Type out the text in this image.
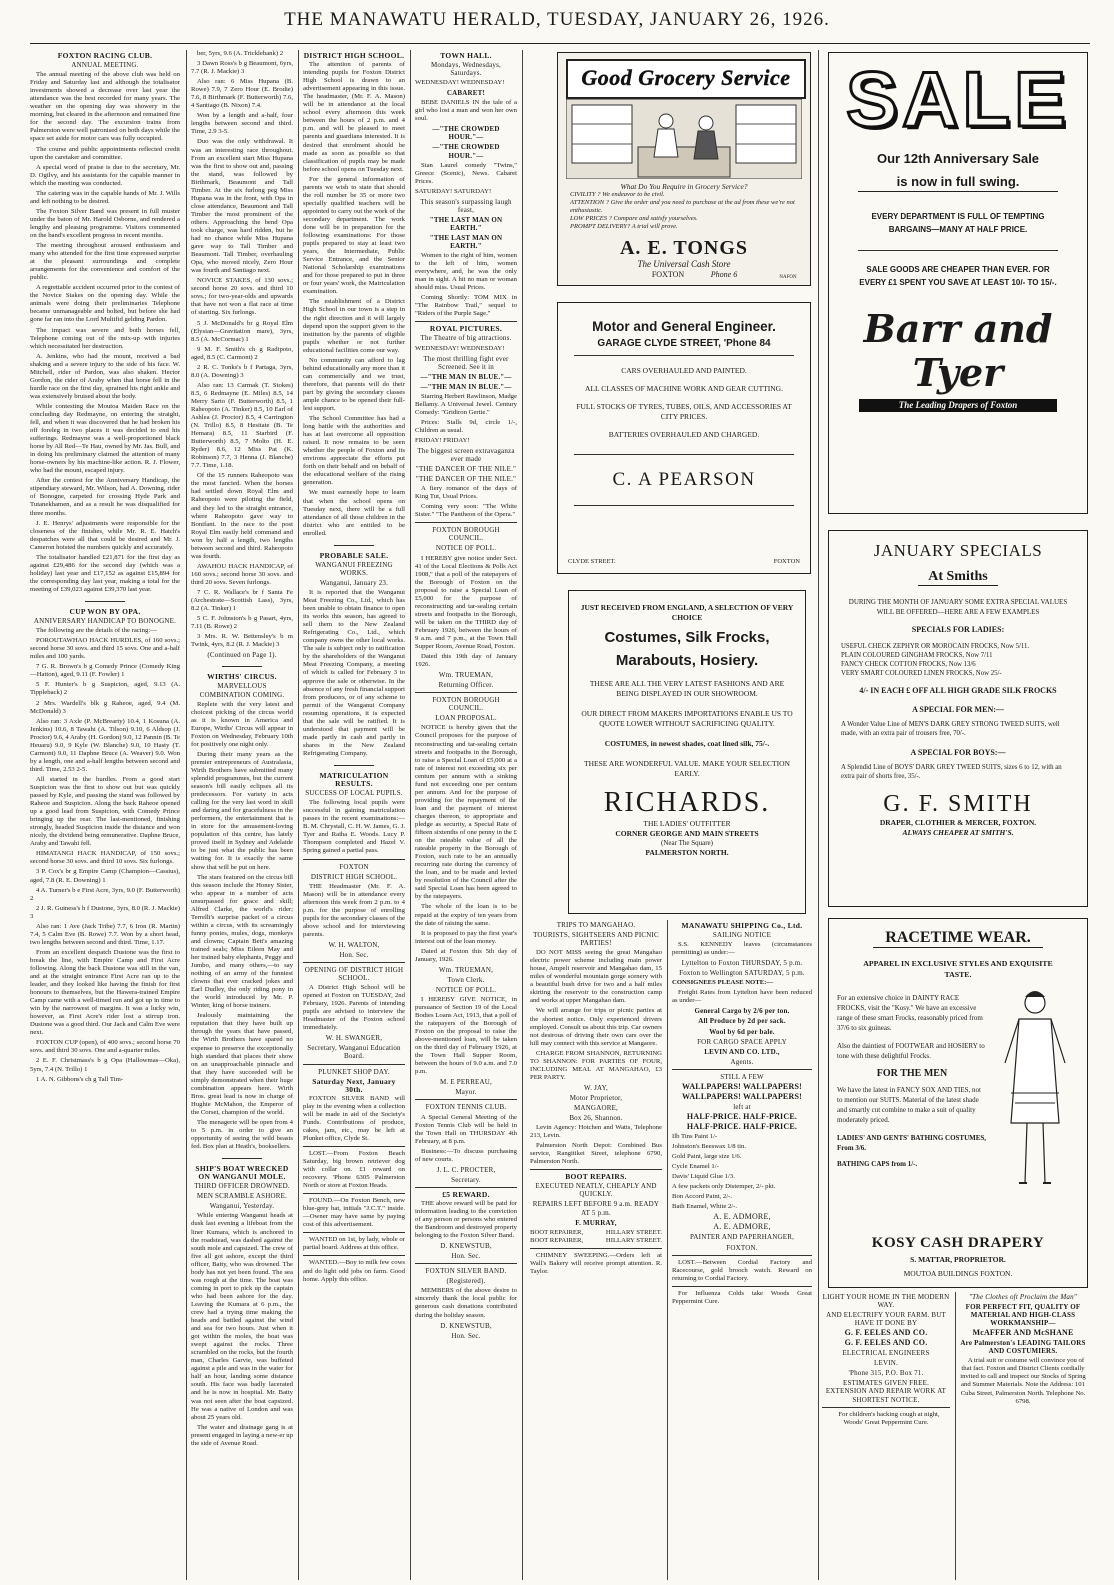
THE MANAWATU HERALD, TUESDAY, JANUARY 26, 1926.
FOXTON RACING CLUB.
ANNUAL MEETING.

The annual meeting of the above club was held on Friday and Saturday last and although the totalisator investments showed a decrease over last year the attendance was the best recorded for many years. The weather on the opening day was showery in the morning, but cleared in the afternoon and remained fine for the second day. The excursion trains from Palmerston were well patronised on both days while the space set aside for motor cars was fully occupied.

The course and public appointments reflected credit upon the caretaker and committee.

A special word of praise is due to the secretary, Mr. D. Ogilvy, and his assistants for the capable manner in which the meeting was conducted.

The catering was in the capable hands of Mr. J. Wills and left nothing to be desired.

The Foxton Silver Band was present in full muster under the baton of Mr. Harold Osborne, and rendered a lengthy and pleasing programme. Visitors commented on the band's excellent progress in recent months.

The meeting throughout aroused enthusiasm and many who attended for the first time expressed surprise at the pleasant surroundings and complete arrangements for the convenience and comfort of the public.

A regrettable accident occurred prior to the contest of the Novice Stakes on the opening day. While the animals were doing their preliminaries Telephone became unmanageable and bolted, but before she had gone far ran into the Lord Multifid gelding Pardon.

The impact was severe and both horses fell, Telephone coming out of the mix-up with injuries which necessitated her destruction.

A. Jenkins, who had the mount, received a bad shaking and a severe injury to the side of his face. W. Mitchell, rider of Pardon, was also shaken. Hector Gordon, the rider of Araby when that horse fell in the hurdle race on the first day, sprained his right ankle and was extensively bruised about the body.

While contesting the Moutoa Maiden Race on the concluding day Redmayne, on entering the straight, fell, and when it was discovered that he had broken his off foreleg in two places it was decided to end his sufferings. Redmayne was a well-proportioned black horse by All Red—Te Hau, owned by Mr. Jas. Bull, and in doing his preliminary claimed the attention of many horse-owners by his machine-like action. R. J. Flower, who had the mount, escaped injury.

After the contest for the Anniversary Handicap, the stipendiary steward, Mr. Wilson, had A. Downing, rider of Bonogne, carpeted for crossing Hyde Park and Tutanekhamen, and as a result he was disqualified for three months.

J. E. Henrys' adjustments were responsible for the closeness of the finishes, while Mr. R. E. Hatch's despatches were all that could be desired and Mr. J. Cameron hoisted the numbers quickly and accurately.

The totalisator handled £21,871 for the first day as against £29,486 for the second day (which was a holiday) last year and £17,152 as against £15,894 for the corresponding day last year, making a total for the meeting of £39,023 against £39,370 last year.

CUP WON BY OPA.
ANNIVERSARY HANDICAP TO BONOGNE.

The following are the details of the racing:—

POROUTAWHAO HACK HURDLES, of 160 sovs.; second horse 30 sovs. and third 15 sovs. One and a-half miles and 100 yards.

7 G. R. Brown's b g Comedy Prince (Comedy King—Hatton), aged, 9.11 (F. Fowler) 1

5 F. Hunter's b g Suspicion, aged, 9.13 (A. Tippleback) 2

2 Mrs. Wardell's blk g Raheoe, aged, 9.4 (M. McDonald) 3

Also ran: 3 Axle (P. McBrearty) 10.4, 1 Kosuna (A. Jenkins) 10.6, 8 Tawahi (A. Tilson) 9.10, 6 Aldsop (J. Proctor) 9.6, 4 Araby (H. Gordon) 9.0, 12 Pannin (B. Te Heuaru) 9.0, 9 Kyle (W. Blanche) 9.0, 10 Hasty (T. Carmont) 9.0, 11 Daphne Bruce (A. Weaver) 9.0. Won by a length, one and a-half lengths between second and third. Time, 2.53 2-5.

All started in the hurdles. From a good start Suspicion was the first to show out but was quickly passed by Kyle, and passing the stand was followed by Raheoe and Suspicion. Along the back Raheoe opened up a good lead from Suspicion, with Comedy Prince bringing up the rear. The last-mentioned, finishing strongly, headed Suspicion inside the distance and won nicely, the dividend being remunerative. Daphne Bruce, Araby and Tawahi fell.

HIMATANGI HACK HANDICAP, of 150 sovs.; second horse 30 sovs. and third 10 sovs. Six furlongs.

3 P. Cox's br g Empire Camp (Champion—Cassius), aged, 7.8 (R. E. Downing) 1

4 A. Turner's b e First Acre, 3yrs, 9.0 (F. Butterworth) 2

2 J. R. Guiness's h f Dustone, 3yrs, 8.0 (R. J. Mackie) 3

Also ran: 1 Ave (Jack Tribe) 7.7, 6 Iron (R. Martin) 7.4, 5 Calm Eve (B. Rowe) 7.7. Won by a short head, two lengths between second and third. Time, 1.17.

From an excellent despatch Dustone was the first to break the line, with Empire Camp and First Acre following. Along the back Dustone was still in the van, and at the straight entrance First Acre ran up to the leader, and they looked like having the finish for first honours to themselves, but the Hawera-trained Empire Camp came with a well-timed run and got up in time to win by the narrowest of margins. It was a lucky win, however, as First Acre's rider lost a stirrup iron. Dustone was a good third. Our Jack and Calm Eve were next.

FOXTON CUP (open), of 400 sovs.; second horse 70 sovs. and third 30 sovs. One and a-quarter miles.

2 E. F. Christmass's b g Opa (Hallowmas—Oka), 5yrs, 7.4 (N. Trillo) 1

1 A. N. Gibbons's ch g Tall Tim-

ber, 5yrs, 9.6 (A. Tricklebank) 2

3 Dawn Ross's b g Beaumont, 6yrs, 7.7 (R. J. Mackie) 3

Also ran: 6 Miss Hupana (B. Rowe) 7.9, 7 Zero Hour (E. Brodie) 7.6, 8 Birthmark (F. Butterworth) 7.6, 4 Santiago (B. Nixon) 7.4.

Won by a length and a-half, four lengths between second and third. Time, 2.9 3-5.

Duo was the only withdrawal. It was an interesting race throughout. From an excellent start Miss Hupana was the first to show out and, passing the stand, was followed by Birthmark, Beaumont and Tall Timber. At the six furlong peg Miss Hupana was in the front, with Opa in close attendance, Beaumont and Tall Timber the most prominent of the others. Approaching the bend Opa took charge, was hard ridden, but he had no chance while Miss Hupana gave way to Tall Timber and Beaumont. Tall Timber, overhauling Opa, who moved nicely, Zero Hour was fourth and Santiago next.

NOVICE STAKES, of 130 sovs.; second horse 20 sovs. and third 10 sovs.; for two-year-olds and upwards that have not won a flat race at time of starting. Six furlongs.

5 J. McDonald's br g Royal Elm (Elysian—Gravitation mare), 3yrs, 8.5 (A. McCormac) 1

9 M. F. Smith's ch g Radipoto, aged, 8.5 (C. Carmont) 2

2 R. C. Tonks's b f Partaga, 3yrs, 8.0 (A. Downing) 3

Also ran: 13 Carmak (T. Stokes) 8.5, 6 Redmayne (E. Miles) 8.5, 14 Merry Sarto (F. Butterworth) 8.5, 1 Raheopoto (A. Tinker) 8.5, 10 Earl of Ashlea (J. Proctor) 8.5, 4 Carrington (N. Trillo) 8.5, 8 Hesitate (B. Te Hemara) 8.5, 11 Starbird (F. Butterworth) 8.5, 7 Molto (H. E. Ryder) 8.6, 12 Miss Pat (K. Robinson) 7.7, 3 Henna (J. Blanche) 7.7. Time, 1.18.

Of the 15 runners Raheopoto was the most fancied. When the horses had settled down Royal Elm and Raheopoto were piloting the field, and they led to the straight entrance, where Raheopoto gave way to Bonifant. In the race to the post Royal Elm easily held command and won by half a length, two lengths between second and third. Raheopoto was fourth.

AWAHOU HACK HANDICAP, of 160 sovs.; second horse 30 sovs. and third 20 sovs. Seven furlongs.

7 C. R. Wallace's br f Santa Fe (Archestrate—Scottish Lass), 3yrs, 8.2 (A. Tinker) 1

5 C. F. Johnston's b g Pasart, 4yrs, 7.11 (B. Rowe) 2

3 Mrs. R. W. Bettensley's b m Twink, 4yrs, 8.2 (R. J. Mackie) 3

(Continued on Page 1).
WIRTHS' CIRCUS.
MARVELLOUS COMBINATION COMING.

Replete with the very latest and choicest picking of the circus world as it is known in America and Europe, Wirths' Circus will appear in Foxton on Wednesday, February 10th for positively one night only.

During their many years as the premier entrepreneurs of Australasia, Wirth Brothers have submitted many splendid programmes, but the current season's bill easily eclipses all its predecessors. For variety in acts calling for the very last word in skill and daring and for gracefulness in the performers, the entertainment that is in store for the amusement-loving population of this centre, has lately proved itself in Sydney and Adelaide to be just what the public has been waiting for. It is exactly the same show that will be put on here.

The stars featured on the circus bill this season include the Honey Sister, who appear in a number of acts unsurpassed for grace and skill; Alfred Clarke, the world's rider; Terrelli's surprise packet of a circus within a circus, with its screamingly funny ponies, mules, dogs, monkeys and clowns; Captain Bett's amazing trained seals; Miss Eileen May and her trained baby elephants, Peggy and Jumbo, and many others,—to say nothing of an army of the funniest clowns that ever cracked jokes and Earl Dudley, the only riding pony in the world introduced by Mr. P. Winter, king of horse trainers.

Jealously maintaining the reputation that they have built up through the years that have passed, the Wirth Brothers have spared no expense to preserve the exceptionally high standard that places their show on an unapproachable pinnacle and that they have succeeded will be simply demonstrated when their huge combination appears here. Wirth Bros. great lead is now in charge of Hughie McMahon, the Emperor of the Corset, champion of the world.

The menagerie will be open from 4 to 5 p.m. in order to give an opportunity of seeing the wild beasts fed. Box plan at Heath's, booksellers.

SHIP'S BOAT WRECKED ON WANGANUI MOLE.
THIRD OFFICER DROWNED.
MEN SCRAMBLE ASHORE.
Wanganui, Yesterday.

While entering Wanganui heads at dusk last evening a lifeboat from the liner Kumara, which is anchored in the roadstead, was dashed against the south mole and capsized. The crew of five all got ashore, except the third officer, Batty, who was drowned. The body has not yet been found. The sea was rough at the time. The boat was coming in port to pick up the captain who had been ashore for the day. Leaving the Kumara at 6 p.m., the crew had a trying time making the heads and battled against the wind and sea for two hours. Just when it got within the moles, the boat was swept against the rocks. Three scrambled on the rocks, but the fourth man, Charles Garvie, was buffeted against a pile and was in the water for half an hour, landing some distance south. His face was badly lacerated and he is now in hospital. Mr. Batty was not seen after the boat capsized. He was a native of London and was about 25 years old.

The water and drainage gang is at present engaged in laying a new-er up the side of Avenue Road.

DISTRICT HIGH SCHOOL.

The attention of parents of intending pupils for Foxton District High School is drawn to an advertisement appearing in this issue. The headmaster, (Mr. F. A. Mason) will be in attendance at the local school every afternoon this week between the hours of 2 p.m. and 4 p.m. and will be pleased to meet parents and guardians interested. It is desired that enrolment should be made as soon as possible so that classification of pupils may be made before school opens on Tuesday next.

For the general information of parents we wish to state that should the roll number be 35 or more two specially qualified teachers will be appointed to carry out the work of the secondary department. The work done will be in preparation for the following examinations: For those pupils prepared to stay at least two years, the Intermediate, Public Service Entrance, and the Senior National Scholarship examinations and for those prepared to put in three or four years' work, the Matriculation examination.

The establishment of a District High School in our town is a step in the right direction and it will largely depend upon the support given to the institution by the parents of eligible pupils whether or not further educational facilities come our way.

No community can afford to lag behind educationally any more than it can commercially and we trust, therefore, that parents will do their part by giving the secondary classes ample chance to be opened their full-lest support.

The School Committee has had a long battle with the authorities and has at last overcome all opposition raised. It now remains to be seen whether the people of Foxton and its environs appreciate the efforts put forth on their behalf and on behalf of the educational welfare of the rising generation.

We must earnestly hope to learn that when the school opens on Tuesday next, there will be a full attendance of all those children in the district who are entitled to be enrolled.

PROBABLE SALE.
WANGANUI FREEZING WORKS.
Wanganui, January 23.

It is reported that the Wanganui Meat Freezing Co., Ltd., which has been unable to obtain finance to open its works this season, has agreed to sell them to the New Zealand Refrigerating Co., Ltd., which company owns the other local works. The sale is subject only to ratification by the shareholders of the Wanganui Meat Freezing Company, a meeting of which is called for February 3 to approve the sale or otherwise. In the absence of any fresh financial support from producers, or of any scheme to permit of the Wanganui Company resuming operations, it is expected that the sale will be ratified. It is understood that payment will be made partly in cash and partly in shares in the New Zealand Refrigerating Company.

MATRICULATION RESULTS.
SUCCESS OF LOCAL PUPILS.

The following local pupils were successful in gaining matriculation passes in the recent examinations:—B. M. Chrystall, C. H. W. James, G. J. Tyer and Raiha E. Woods. Lucy P. Thompson completed and Hazel V. Spring gained a partial pass.

FOXTON
DISTRICT HIGH SCHOOL.

THE Headmaster (Mr. F. A. Mason) will be in attendance every afternoon this week from 2 p.m. to 4 p.m. for the purpose of enrolling pupils for the secondary classes of the above school and for interviewing parents.

W. H. WALTON,
Hon. Sec.
OPENING OF DISTRICT HIGH SCHOOL.

A District High School will be opened at Foxton on TUESDAY, 2nd February, 1926. Parents of intending pupils are advised to interview the Headmaster of the Foxton school immediately.

W. H. SWANGER,
Secretary, Wanganui Education Board.
PLUNKET SHOP DAY.
Saturday Next, January 30th.

FOXTON SILVER BAND will play in the evening when a collection will be made in aid of the Society's Funds. Contributions of produce, cakes, jam, etc., may be left at Plunket office, Clyde St.

LOST.—From Foxton Beach Saturday, big brown retriever dog with collar on. £1 reward on recovery. 'Phone 6305 Palmerston North or store at Foxton Heads.

FOUND.—On Foxton Bench, new blue-grey hat, initials "J.C.T." inside.—Owner may have same by paying cost of this advertisement.

WANTED on 1st, by lady, whole or partial board. Address at this office.

WANTED.—Boy to milk few cows and do light odd jobs on farm. Good home. Apply this office.

TOWN HALL.
Mondays, Wednesdays, Saturdays.

WEDNESDAY! WEDNESDAY!

CABARET!

BEBE DANIELS IN the tale of a girl who lost a man and won her own soul.

—"THE CROWDED HOUR."—
—"THE CROWDED HOUR."—

Stan Laurel comedy "Twins," Greece (Scenic), News. Cabaret Prices.

SATURDAY! SATURDAY!

This season's surpassing laugh feast,
"THE LAST MAN ON EARTH."
"THE LAST MAN ON EARTH."

Women to the right of him, women to the left of him, women everywhere, and, he was the only man in sight. A hit no man or woman should miss. Usual Prices.

Coming Shortly: TOM MIX in "The Rainbow Trail," sequel to "Riders of the Purple Sage."

ROYAL PICTURES.
The Theatre of big attractions.

WEDNESDAY! WEDNESDAY!

The most thrilling fight ever Screened. See it in
—"THE MAN IN BLUE."—
—"THE MAN IN BLUE."—

Starring Herbert Rawlinson, Madge Bellamy. A Universal Jewel. Century Comedy: "Gridiron Gertie."

Prices: Stalls 9d, circle 1/-, Children as usual.

FRIDAY! FRIDAY!

The biggest screen extravaganza ever made
"THE DANCER OF THE NILE."
"THE DANCER OF THE NILE."

A fiery romance of the days of King Tut, Usual Prices.

Coming very soon: "The White Sister." "The Pantheon of the Opera."

FOXTON BOROUGH COUNCIL.
NOTICE OF POLL.

I HEREBY give notice under Sect. 41 of the Local Elections & Polls Act 1908," that a poll of the ratepayers of the Borough of Foxton on the proposal to raise a Special Loan of £5,000 for the purpose of reconstructing and tar-sealing certain streets and footpaths in the Borough, will be taken on the THIRD day of February 1926, between the hours of 9 a.m. and 7 p.m., at the Town Hall Supper Room, Avenue Road, Foxton.

Dated this 19th day of January 1926.

Wm. TRUEMAN,
Returning Officer.
FOXTON BOROUGH COUNCIL.
LOAN PROPOSAL.

NOTICE is hereby given that the Council proposes for the purpose of reconstructing and tar-sealing certain streets and footpaths in the Borough, to raise a Special Loan of £5,000 at a rate of interest not exceeding six per centum per annum with a sinking fund not exceeding one per centum per annum. And for the purpose of providing for the repayment of the loan and the payment of interest charges thereon, to appropriate and pledge as security, a Special Rate of fifteen sixtenths of one penny in the £ on the rateable value of all the rateable property in the Borough of Foxton, such rate to be an annually recurring rate during the currency of the loan, and to be made and levied by resolution of the Council after the said Special Loan has been agreed to by the ratepayers.

The whole of the loan is to be repaid at the expiry of ten years from the date of raising the same.

It is proposed to pay the first year's interest out of the loan money.

Dated at Foxton this 5th day of January, 1926.

Wm. TRUEMAN,
Town Clerk.
NOTICE OF POLL.

I HEREBY GIVE NOTICE, in pursuance of Section 19 of the Local Bodies Loans Act, 1913, that a poll of the ratepayers of the Borough of Foxton on the proposal to raise the above-mentioned loan, will be taken on the third day of February 1926, at the Town Hall Supper Room, between the hours of 9.0 a.m. and 7.0 p.m.

M. E PERREAU,
Mayor.
FOXTON TENNIS CLUB.

A Special General Meeting of the Foxton Tennis Club will be held in the Town Hall on THURSDAY 4th February, at 8 p.m.

Business:—To discuss purchasing of new courts.

J. L. C. PROCTER,
Secretary.
£5 REWARD.

THE above reward will be paid for information leading to the conviction of any person or persons who entered the Bandroom and destroyed property belonging to the Foxton Silver Band.

D. KNEWSTUB,
Hon. Sec.
FOXTON SILVER BAND.
(Registered).

MEMBERS of the above desire to sincerely thank the local public for generous cash donations contributed during the holiday season.

D. KNEWSTUB,
Hon. Sec.
Good Grocery Service
What Do You Require in Grocery Service?
CIVILITY ? We endeavor to be civil.
ATTENTION ? Give the order and you need to purchase at the ad from these we're not enthusiastic.
LOW PRICES ? Compare and satisfy yourselves.
PROMPT DELIVERY? A trial will prove.
A. E. TONGS
The Universal Cash Store
FOXTON	Phone 6	NAFON
Motor and General Engineer.
GARAGE CLYDE STREET, 'Phone 84
CARS OVERHAULED AND PAINTED.
ALL CLASSES OF MACHINE WORK AND GEAR CUTTING.
FULL STOCKS OF TYRES, TUBES, OILS, AND ACCESSORIES AT CITY PRICES.
BATTERIES OVERHAULED AND CHARGED.
C. A PEARSON
CLYDE STREET.	FOXTON
JUST RECEIVED FROM ENGLAND, A SELECTION OF VERY CHOICE
Costumes, Silk Frocks,
Marabouts, Hosiery.
THESE ARE ALL THE VERY LATEST FASHIONS AND ARE BEING DISPLAYED IN OUR SHOWROOM.
OUR DIRECT FROM MAKERS IMPORTATIONS ENABLE US TO QUOTE LOWER WITHOUT SACRIFICING QUALITY.
COSTUMES, in newest shades, coat lined silk, 75/-.
THESE ARE WONDERFUL VALUE. MAKE YOUR SELECTION EARLY.
RICHARDS.
THE LADIES' OUTFITTER
CORNER GEORGE AND MAIN STREETS
(Near The Square)
PALMERSTON NORTH.
TRIPS TO MANGAHAO.
TOURISTS, SIGHTSEERS AND PICNIC PARTIES!

DO NOT MISS seeing the great Mangahao electric power scheme including main power house, Ampeli reservoir and Mangahao dam, 15 miles of wonderful mountain gorge scenery with a beautiful bush drive for two and a half miles skirting the reservoir to the construction camp and works at upper Mangahao dam.

We will arrange for trips or picnic parties at the shortest notice. Only experienced drivers employed. Consult us about this trip. Car owners not desirous of driving their own cars over the hill may connect with this service at Mangaore.

CHARGE FROM SHANNON, RETURNING TO SHANNON: FOR PARTIES OF FOUR, INCLUDING MEAL AT MANGAHAO, £3 PER PARTY.

W. JAY,
Motor Proprietor,
MANGAORE,
Box 26, Shannon.

Levin Agency: Hotchen and Watts, Telephone 213, Levin.

Palmerston North Depot: Combined Bus service, Rangitikei Street, telephone 6790, Palmerston North.

BOOT REPAIRS.
EXECUTED NEATLY, CHEAPLY AND QUICKLY.
REPAIRS LEFT BEFORE 9 a.m. READY AT 5 p.m.
F. MURRAY,
BOOT REPAIRER,	HILLARY STREET.
BOOT REPAIRER,	HILLARY STREET.

CHIMNEY SWEEPING.—Orders left at Wall's Bakery will receive prompt attention. R. Taylor.

MANAWATU SHIPPING Co., Ltd.
SAILING NOTICE

S.S. KENNEDY leaves (circumstances permitting) as under:—

Lyttelton to Foxton THURSDAY, 5 p.m.
Foxton to Wellington SATURDAY, 5 p.m.

CONSIGNEES PLEASE NOTE:—

Freight Rates from Lyttelton have been reduced as under—

General Cargo by 2/6 per ton.
All Produce by 2d per sack.
Wool by 6d per bale.
FOR CARGO SPACE APPLY
LEVIN AND CO. LTD.,
Agents.
STILL A FEW
WALLPAPERS! WALLPAPERS!
WALLPAPERS! WALLPAPERS!
left at
HALF-PRICE. HALF-PRICE.
HALF-PRICE. HALF-PRICE.

Ilb Tins Paint 1/-

Johnston's Beeswax 1/8 tin.

Gold Paint, large size 1/6.

Cycle Enamel 1/-

Davis' Liquid Glue 1/3.

A few packets only Distemper, 2/- pkt.

Bon Accord Paint, 2/-.

Bath Enamel, White 2/-.

A. E. ADMORE,
A. E. ADMORE,
PAINTER AND PAPERHANGER,
FOXTON.

LOST.—Between Cordial Factory and Racecourse, gold brooch watch. Reward on returning to Cordial Factory.

For Influenza Colds take Woods Great Peppermint Cure.

SALE
Our 12th Anniversary Sale
is now in full swing.
EVERY DEPARTMENT IS FULL OF TEMPTING BARGAINS—MANY AT HALF PRICE.
SALE GOODS ARE CHEAPER THAN EVER. FOR EVERY £1 SPENT YOU SAVE AT LEAST 10/- TO 15/-.
Barr and Tyer
The Leading Drapers of Foxton
JANUARY SPECIALS
At Smiths
DURING THE MONTH OF JANUARY SOME EXTRA SPECIAL VALUES WILL BE OFFERED—HERE ARE A FEW EXAMPLES
SPECIALS FOR LADIES:
USEFUL CHECK ZEPHYR OR MOROCAIN FROCKS, Now 5/11.
PLAIN COLOURED GINGHAM FROCKS, Now 7/11
FANCY CHECK COTTON FROCKS, Now 13/6
VERY SMART COLOURED LINEN FROCKS, Now 25/-
4/- IN EACH £ OFF ALL HIGH GRADE SILK FROCKS
A SPECIAL FOR MEN:—
A Wonder Value Line of MEN'S DARK GREY STRONG TWEED SUITS, well made, with an extra pair of trousers free, 70/-.
A SPECIAL FOR BOYS:—
A Splendid Line of BOYS' DARK GREY TWEED SUITS, sizes 6 to 12, with an extra pair of shorts free, 35/-.
G. F. SMITH
DRAPER, CLOTHIER & MERCER, FOXTON.
ALWAYS CHEAPER AT SMITH'S.
RACETIME WEAR.
APPAREL IN EXCLUSIVE STYLES AND EXQUISITE TASTE.
For an extensive choice in DAINTY RACE FROCKS, visit the "Kosy." We have an excessive range of these smart Frocks, reasonably priced from 37/6 to six guineas.
Also the daintiest of FOOTWEAR and HOSIERY to tone with these delightful Frocks.
FOR THE MEN
We have the latest in FANCY SOX AND TIES, not to mention our SUITS. Material of the latest shade and smartly cut combine to make a suit of quality moderately priced.
LADIES' AND GENTS' BATHING COSTUMES, From 3/6.
BATHING CAPS from 1/-.
KOSY CASH DRAPERY
S. MATTAR, PROPRIETOR.
MOUTOA BUILDINGS FOXTON.
LIGHT YOUR HOME IN THE MODERN WAY.
AND ELECTRIFY YOUR FARM. BUT HAVE IT DONE BY
G. F. EELES AND CO.
G. F. EELES AND CO.
ELECTRICAL ENGINEERS
LEVIN.
'Phone 315, P.O. Box 71.
ESTIMATES GIVEN FREE. EXTENSION AND REPAIR WORK AT SHORTEST NOTICE.

For children's hacking cough at night, Woods' Great Peppermint Cure.

"The Clothes oft Proclaim the Man"
FOR PERFECT FIT, QUALITY OF MATERIAL AND HIGH-CLASS WORKMANSHIP—
McAFFER AND McSHANE
Are Palmerston's LEADING TAILORS AND COSTUMIERS.

A trial suit or costume will convince you of that fact. Foxton and District Clients cordially invited to call and inspect our Stocks of Spring and Summer Materials. Note the Address: 101 Cuba Street, Palmerston North. Telephone No. 6798.
